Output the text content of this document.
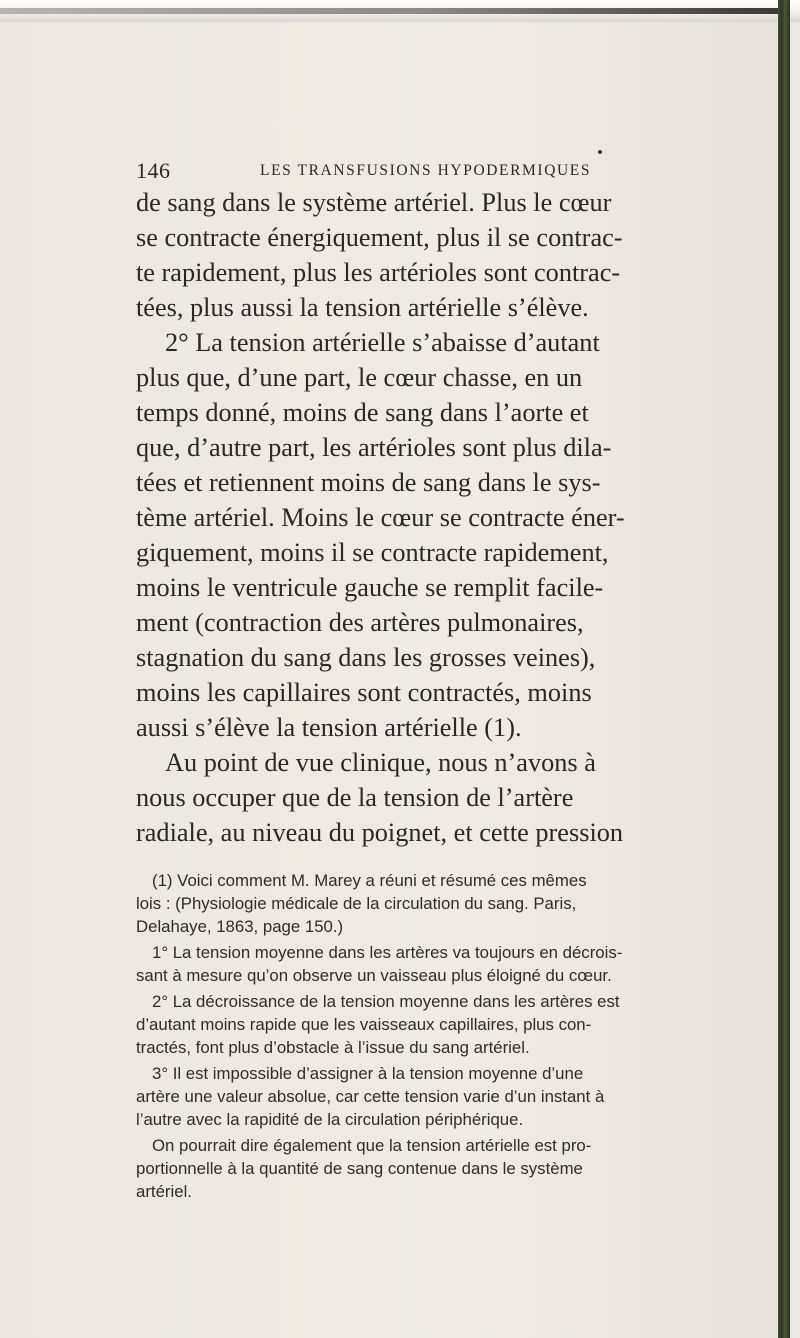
146	LES TRANSFUSIONS HYPODERMIQUES
de sang dans le système artériel. Plus le cœur
se contracte énergiquement, plus il se contrac-
te rapidement, plus les artérioles sont contrac-
tées, plus aussi la tension artérielle s’élève.
2° La tension artérielle s’abaisse d’autant
plus que, d’une part, le cœur chasse, en un
temps donné, moins de sang dans l’aorte et
que, d’autre part, les artérioles sont plus dila-
tées et retiennent moins de sang dans le sys-
tème artériel. Moins le cœur se contracte éner-
giquement, moins il se contracte rapidement,
moins le ventricule gauche se remplit facile-
ment (contraction des artères pulmonaires,
stagnation du sang dans les grosses veines),
moins les capillaires sont contractés, moins
aussi s’élève la tension artérielle (1).
Au point de vue clinique, nous n’avons à
nous occuper que de la tension de l’artère
radiale, au niveau du poignet, et cette pression
(1) Voici comment M. Marey a réuni et résumé ces mêmes
lois : (Physiologie médicale de la circulation du sang. Paris,
Delahaye, 1863, page 150.)
1° La tension moyenne dans les artères va toujours en décrois-
sant à mesure qu’on observe un vaisseau plus éloigné du cœur.
2° La décroissance de la tension moyenne dans les artères est
d’autant moins rapide que les vaisseaux capillaires, plus con-
tractés, font plus d’obstacle à l’issue du sang artériel.
3° Il est impossible d’assigner à la tension moyenne d’une
artère une valeur absolue, car cette tension varie d’un instant à
l’autre avec la rapidité de la circulation périphérique.
On pourrait dire également que la tension artérielle est pro-
portionnelle à la quantité de sang contenue dans le système
artériel.
